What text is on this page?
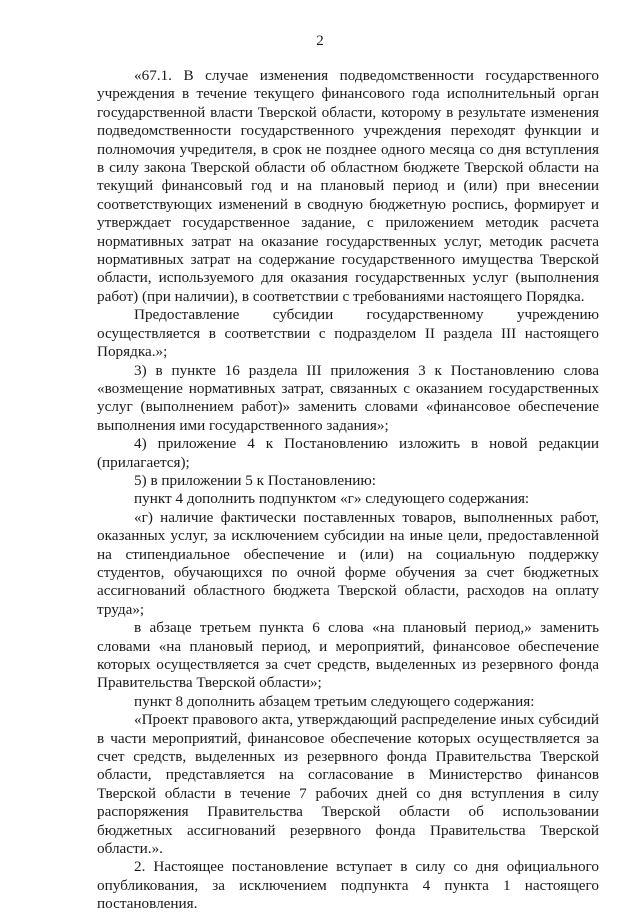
2

«67.1. В случае изменения подведомственности государственного учреждения в течение текущего финансового года исполнительный орган государственной власти Тверской области, которому в результате изменения подведомственности государственного учреждения переходят функции и полномочия учредителя, в срок не позднее одного месяца со дня вступления в силу закона Тверской области об областном бюджете Тверской области на текущий финансовый год и на плановый период и (или) при внесении соответствующих изменений в сводную бюджетную роспись, формирует и утверждает государственное задание, с приложением методик расчета нормативных затрат на оказание государственных услуг, методик расчета нормативных затрат на содержание государственного имущества Тверской области, используемого для оказания государственных услуг (выполнения работ) (при наличии), в соответствии с требованиями настоящего Порядка.

Предоставление субсидии государственному учреждению осуществляется в соответствии с подразделом II раздела III настоящего Порядка.»;

3) в пункте 16 раздела III приложения 3 к Постановлению слова «возмещение нормативных затрат, связанных с оказанием государственных услуг (выполнением работ)» заменить словами «финансовое обеспечение выполнения ими государственного задания»;

4) приложение 4 к Постановлению изложить в новой редакции (прилагается);

5) в приложении 5 к Постановлению:

пункт 4 дополнить подпунктом «г» следующего содержания:

«г) наличие фактически поставленных товаров, выполненных работ, оказанных услуг, за исключением субсидии на иные цели, предоставленной на стипендиальное обеспечение и (или) на социальную поддержку студентов, обучающихся по очной форме обучения за счет бюджетных ассигнований областного бюджета Тверской области, расходов на оплату труда»;

в абзаце третьем пункта 6 слова «на плановый период,» заменить словами «на плановый период, и мероприятий, финансовое обеспечение которых осуществляется за счет средств, выделенных из резервного фонда Правительства Тверской области»;

пункт 8 дополнить абзацем третьим следующего содержания:

«Проект правового акта, утверждающий распределение иных субсидий в части мероприятий, финансовое обеспечение которых осуществляется за счет средств, выделенных из резервного фонда Правительства Тверской области, представляется на согласование в Министерство финансов Тверской области в течение 7 рабочих дней со дня вступления в силу распоряжения Правительства Тверской области об использовании бюджетных ассигнований резервного фонда Правительства Тверской области.».

2. Настоящее постановление вступает в силу со дня официального опубликования, за исключением подпункта 4 пункта 1 настоящего постановления.
